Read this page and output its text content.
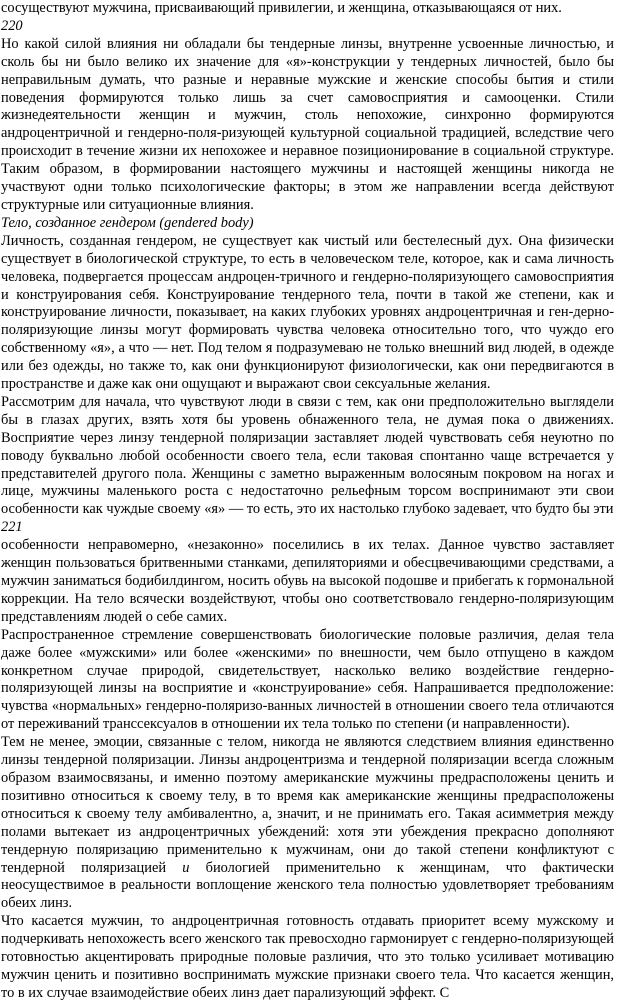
сосуществуют мужчина, присваивающий привилегии, и женщина, отказывающаяся от них.

220

Но какой силой влияния ни обладали бы тендерные линзы, внутренне усвоенные личностью, и сколь бы ни было велико их значение для «я»-конструкции у тендерных личностей, было бы неправильным думать, что разные и неравные мужские и женские способы бытия и стили поведения формируются только лишь за счет самовосприятия и самооценки. Стили жизнедеятельности женщин и мужчин, столь непохожие, синхронно формируются андроцентричной и гендерно-поля-ризующей культурной социальной традицией, вследствие чего происходит в течение жизни их непохожее и неравное позиционирование в социальной структуре. Таким образом, в формировании настоящего мужчины и настоящей женщины никогда не участвуют одни только психологические факторы; в этом же направлении всегда действуют структурные или ситуационные влияния.

Тело, созданное гендером (gendered body)

Личность, созданная гендером, не существует как чистый или бестелесный дух. Она физически существует в биологической структуре, то есть в человеческом теле, которое, как и сама личность человека, подвергается процессам андроцен-тричного и гендерно-поляризующего самовосприятия и конструирования себя. Конструирование тендерного тела, почти в такой же степени, как и конструирование личности, показывает, на каких глубоких уровнях андроцентричная и ген-дерно-поляризующие линзы могут формировать чувства человека относительно того, что чуждо его собственному «я», а что — нет. Под телом я подразумеваю не только внешний вид людей, в одежде или без одежды, но также то, как они функционируют физиологически, как они передвигаются в пространстве и даже как они ощущают и выражают свои сексуальные желания.

Рассмотрим для начала, что чувствуют люди в связи с тем, как они предположительно выглядели бы в глазах других, взять хотя бы уровень обнаженного тела, не думая пока о движениях. Восприятие через линзу тендерной поляризации заставляет людей чувствовать себя неуютно по поводу буквально любой особенности своего тела, если таковая спонтанно чаще встречается у представителей другого пола. Женщины с заметно выраженным волосяным покровом на ногах и лице, мужчины маленького роста с недостаточно рельефным торсом воспринимают эти свои особенности как чуждые своему «я» — то есть, это их настолько глубоко задевает, что будто бы эти

221

особенности неправомерно, «незаконно» поселились в их телах. Данное чувство заставляет женщин пользоваться бритвенными станками, депиляториями и обесцвечивающими средствами, а мужчин заниматься бодибилдингом, носить обувь на высокой подошве и прибегать к гормональной коррекции. На тело всячески воздействуют, чтобы оно соответствовало гендерно-поляризующим представлениям людей о себе самих.

Распространенное стремление совершенствовать биологические половые различия, делая тела даже более «мужскими» или более «женскими» по внешности, чем было отпущено в каждом конкретном случае природой, свидетельствует, насколько велико воздействие гендерно-поляризующей линзы на восприятие и «конструирование» себя. Напрашивается предположение: чувства «нормальных» гендерно-поляризо-ванных личностей в отношении своего тела отличаются от переживаний транссексуалов в отношении их тела только по степени (и направленности).

Тем не менее, эмоции, связанные с телом, никогда не являются следствием влияния единственно линзы тендерной поляризации. Линзы андроцентризма и тендерной поляризации всегда сложным образом взаимосвязаны, и именно поэтому американские мужчины предрасположены ценить и позитивно относиться к своему телу, в то время как американские женщины предрасположены относиться к своему телу амбивалентно, а, значит, и не принимать его. Такая асимметрия между полами вытекает из андроцентричных убеждений: хотя эти убеждения прекрасно дополняют тендерную поляризацию применительно к мужчинам, они до такой степени конфликтуют с тендерной поляризацией и биологией применительно к женщинам, что фактически неосуществимое в реальности воплощение женского тела полностью удовлетворяет требованиям обеих линз.

Что касается мужчин, то андроцентричная готовность отдавать приоритет всему мужскому и подчеркивать непохожесть всего женского так превосходно гармонирует с гендерно-поляризующей готовностью акцентировать природные половые различия, что это только усиливает мотивацию мужчин ценить и позитивно воспринимать мужские признаки своего тела. Что касается женщин, то в их случае взаимодействие обеих линз дает парализующий эффект. С
